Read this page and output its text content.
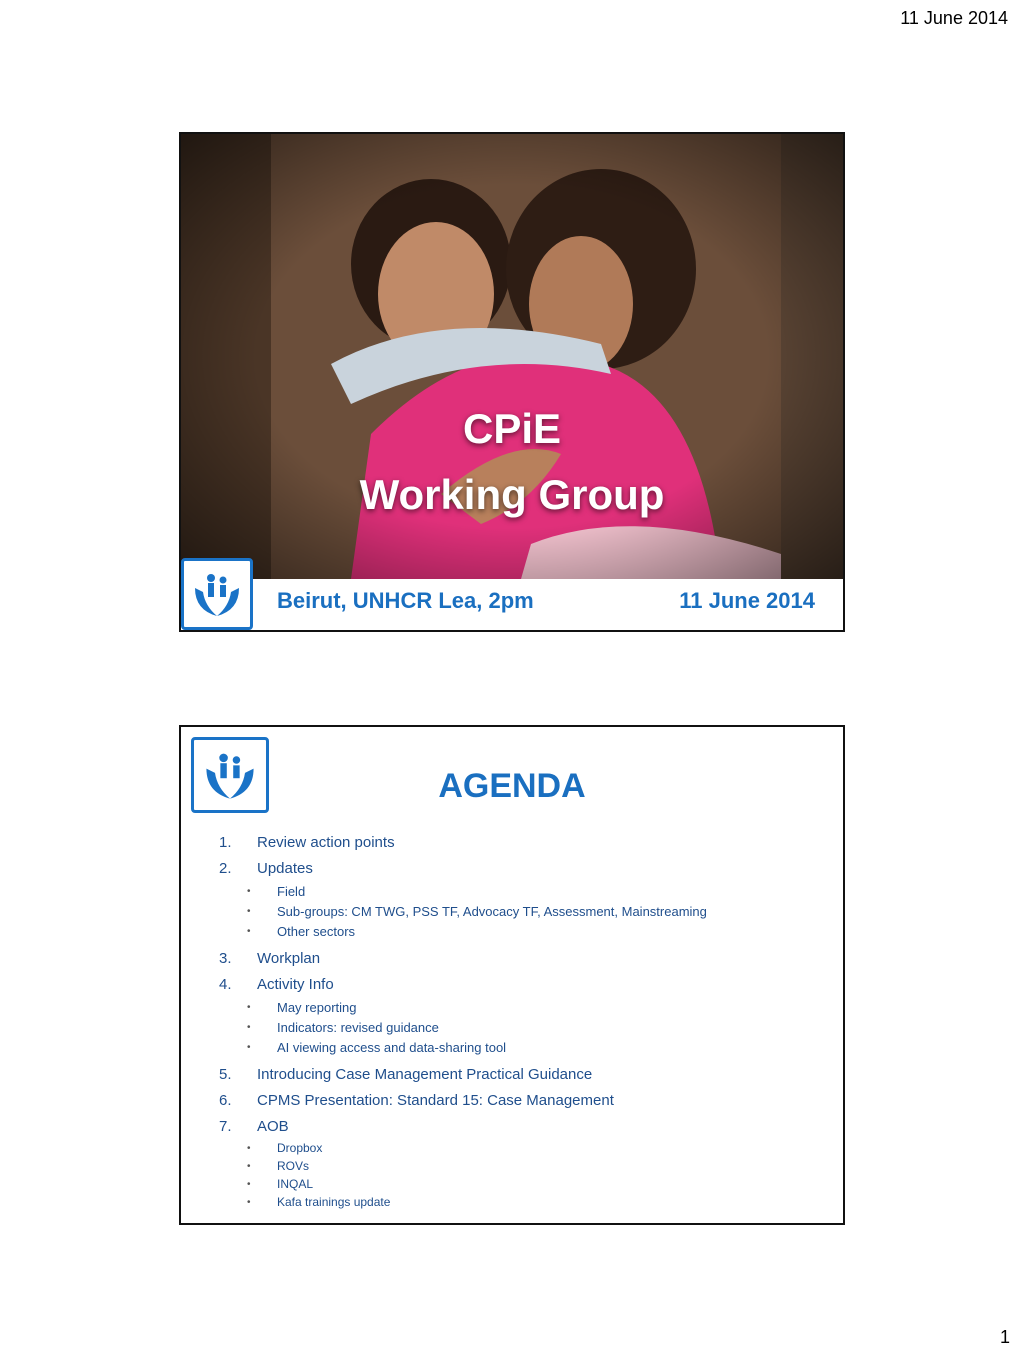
11 June 2014
CPiE
Working Group
Beirut, UNHCR Lea, 2pm	11 June 2014
AGENDA
1.	Review action points
2.	Updates
•	Field
•	Sub-groups: CM TWG, PSS TF, Advocacy TF, Assessment, Mainstreaming
•	Other sectors
3.	Workplan
4.	Activity Info
•	May reporting
•	Indicators: revised guidance
•	AI viewing access and data-sharing tool
5.	Introducing Case Management Practical Guidance
6.	CPMS Presentation: Standard 15: Case Management
7.	AOB
•	Dropbox
•	ROVs
•	INQAL
•	Kafa trainings update
1
